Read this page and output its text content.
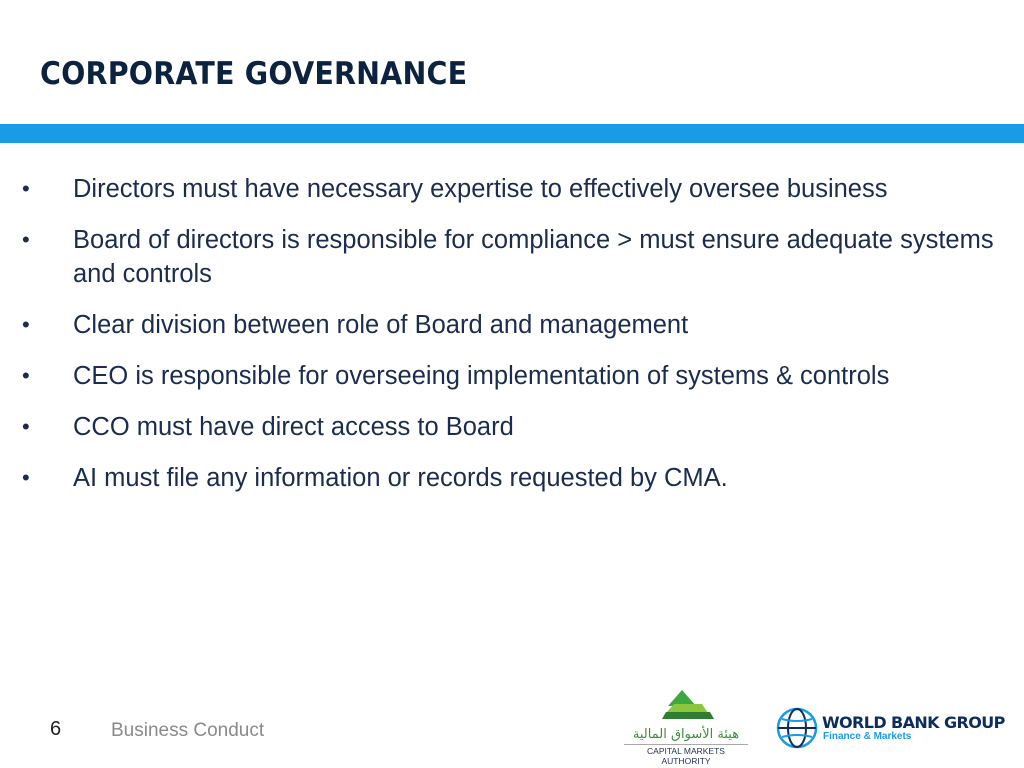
CORPORATE GOVERNANCE
• Directors must have necessary expertise to effectively oversee business
• Board of directors is responsible for compliance > must ensure adequate systems and controls
• Clear division between role of Board and management
• CEO is responsible for overseeing implementation of systems & controls
• CCO must have direct access to Board
• AI must file any information or records requested by CMA.
6	Business Conduct	هيئة الأسواق المالية
CAPITAL MARKETS AUTHORITY
WORLD BANK GROUP
Finance & Markets
